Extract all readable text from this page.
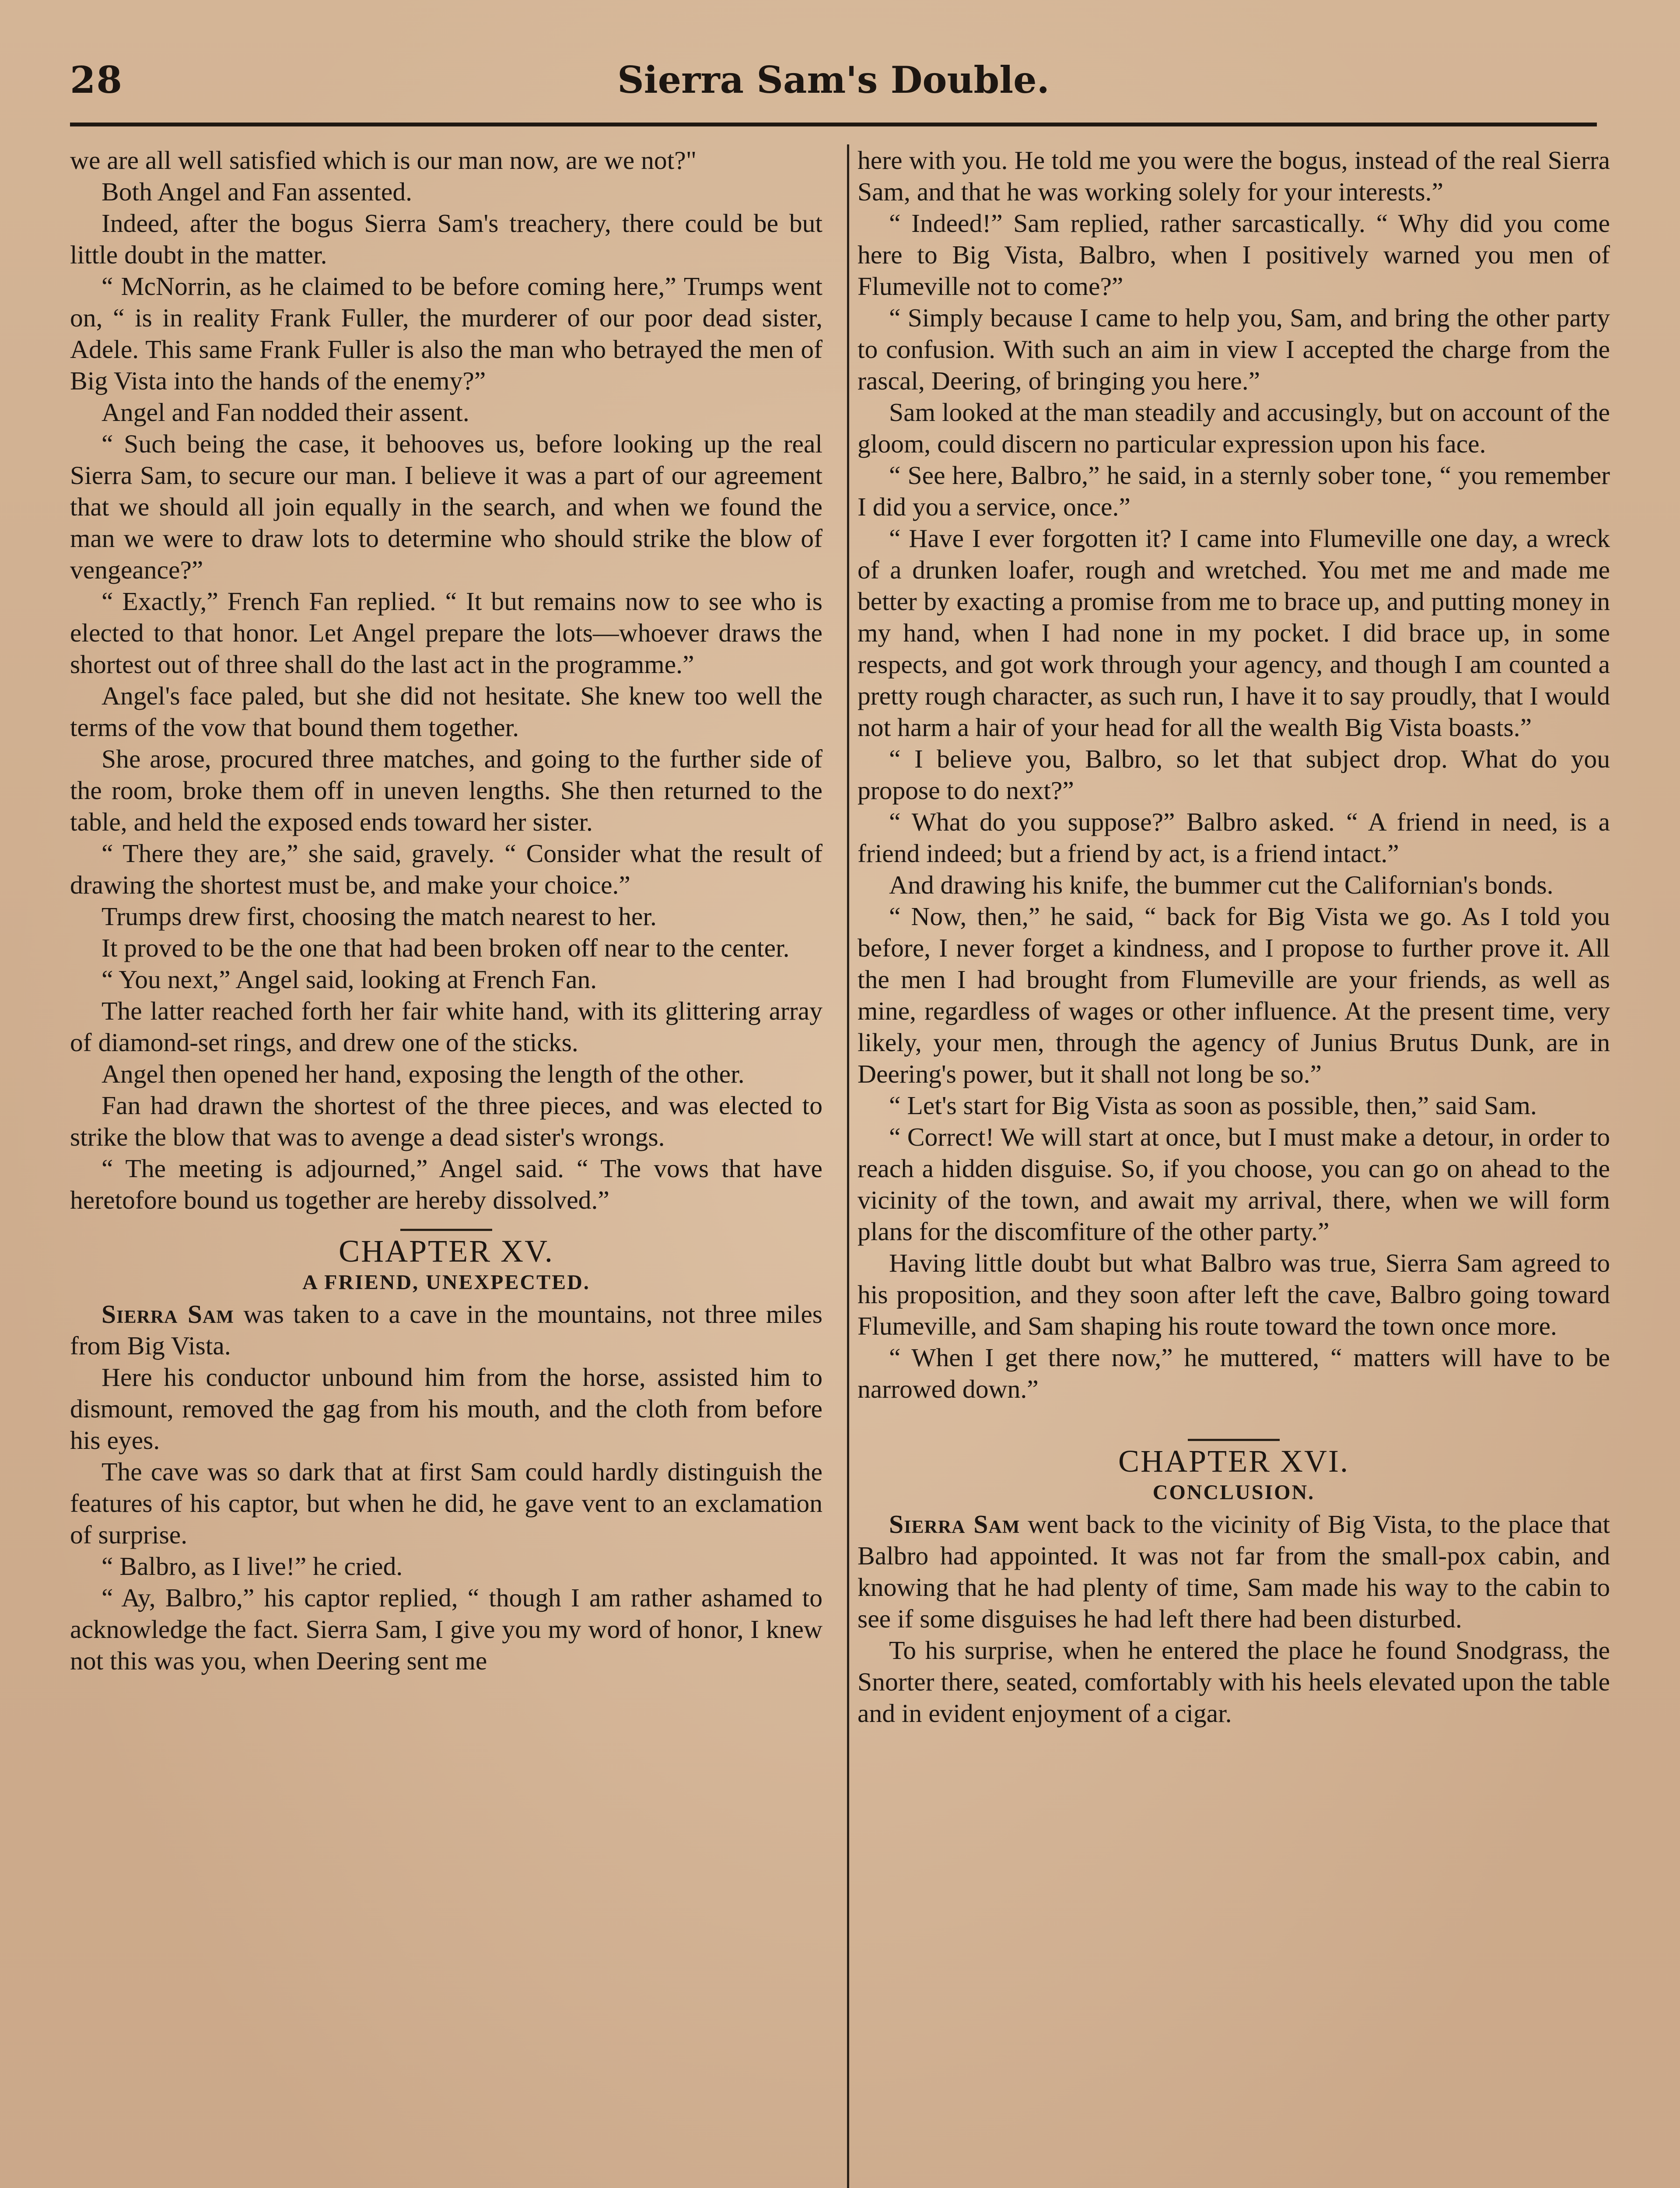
28	Sierra Sam's Double.

we are all well satisfied which is our man now, are we not?"

Both Angel and Fan assented.

Indeed, after the bogus Sierra Sam's treachery, there could be but little doubt in the matter.

“ McNorrin, as he claimed to be before coming here,” Trumps went on, “ is in reality Frank Fuller, the murderer of our poor dead sister, Adele. This same Frank Fuller is also the man who betrayed the men of Big Vista into the hands of the enemy?”

Angel and Fan nodded their assent.

“ Such being the case, it behooves us, before looking up the real Sierra Sam, to secure our man. I believe it was a part of our agreement that we should all join equally in the search, and when we found the man we were to draw lots to determine who should strike the blow of vengeance?”

“ Exactly,” French Fan replied. “ It but remains now to see who is elected to that honor. Let Angel prepare the lots—whoever draws the shortest out of three shall do the last act in the programme.”

Angel's face paled, but she did not hesitate. She knew too well the terms of the vow that bound them together.

She arose, procured three matches, and going to the further side of the room, broke them off in uneven lengths. She then returned to the table, and held the exposed ends toward her sister.

“ There they are,” she said, gravely. “ Consider what the result of drawing the shortest must be, and make your choice.”

Trumps drew first, choosing the match nearest to her.

It proved to be the one that had been broken off near to the center.

“ You next,” Angel said, looking at French Fan.

The latter reached forth her fair white hand, with its glittering array of diamond-set rings, and drew one of the sticks.

Angel then opened her hand, exposing the length of the other.

Fan had drawn the shortest of the three pieces, and was elected to strike the blow that was to avenge a dead sister's wrongs.

“ The meeting is adjourned,” Angel said. “ The vows that have heretofore bound us together are hereby dissolved.”

CHAPTER XV.

A FRIEND, UNEXPECTED.

Sierra Sam was taken to a cave in the mountains, not three miles from Big Vista.

Here his conductor unbound him from the horse, assisted him to dismount, removed the gag from his mouth, and the cloth from before his eyes.

The cave was so dark that at first Sam could hardly distinguish the features of his captor, but when he did, he gave vent to an exclamation of surprise.

“ Balbro, as I live!” he cried.

“ Ay, Balbro,” his captor replied, “ though I am rather ashamed to acknowledge the fact. Sierra Sam, I give you my word of honor, I knew not this was you, when Deering sent me

here with you. He told me you were the bogus, instead of the real Sierra Sam, and that he was working solely for your interests.”

“ Indeed!” Sam replied, rather sarcastically. “ Why did you come here to Big Vista, Balbro, when I positively warned you men of Flumeville not to come?”

“ Simply because I came to help you, Sam, and bring the other party to confusion. With such an aim in view I accepted the charge from the rascal, Deering, of bringing you here.”

Sam looked at the man steadily and accusingly, but on account of the gloom, could discern no particular expression upon his face.

“ See here, Balbro,” he said, in a sternly sober tone, “ you remember I did you a service, once.”

“ Have I ever forgotten it? I came into Flumeville one day, a wreck of a drunken loafer, rough and wretched. You met me and made me better by exacting a promise from me to brace up, and putting money in my hand, when I had none in my pocket. I did brace up, in some respects, and got work through your agency, and though I am counted a pretty rough character, as such run, I have it to say proudly, that I would not harm a hair of your head for all the wealth Big Vista boasts.”

“ I believe you, Balbro, so let that subject drop. What do you propose to do next?”

“ What do you suppose?” Balbro asked. “ A friend in need, is a friend indeed; but a friend by act, is a friend intact.”

And drawing his knife, the bummer cut the Californian's bonds.

“ Now, then,” he said, “ back for Big Vista we go. As I told you before, I never forget a kindness, and I propose to further prove it. All the men I had brought from Flumeville are your friends, as well as mine, regardless of wages or other influence. At the present time, very likely, your men, through the agency of Junius Brutus Dunk, are in Deering's power, but it shall not long be so.”

“ Let's start for Big Vista as soon as possible, then,” said Sam.

“ Correct! We will start at once, but I must make a detour, in order to reach a hidden disguise. So, if you choose, you can go on ahead to the vicinity of the town, and await my arrival, there, when we will form plans for the discomfiture of the other party.”

Having little doubt but what Balbro was true, Sierra Sam agreed to his proposition, and they soon after left the cave, Balbro going toward Flumeville, and Sam shaping his route toward the town once more.

“ When I get there now,” he muttered, “ matters will have to be narrowed down.”

CHAPTER XVI.

CONCLUSION.

Sierra Sam went back to the vicinity of Big Vista, to the place that Balbro had appointed. It was not far from the small-pox cabin, and knowing that he had plenty of time, Sam made his way to the cabin to see if some disguises he had left there had been disturbed.

To his surprise, when he entered the place he found Snodgrass, the Snorter there, seated, comfortably with his heels elevated upon the table and in evident enjoyment of a cigar.
